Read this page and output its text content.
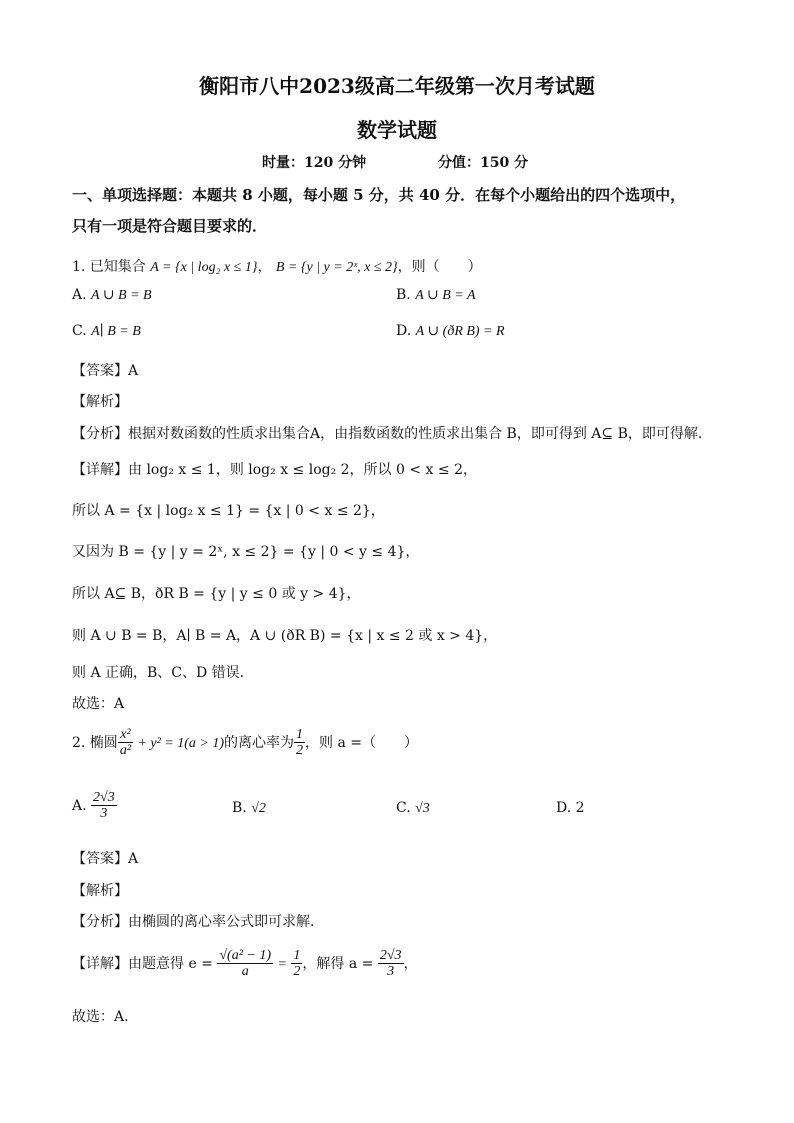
衡阳市八中2023级高二年级第一次月考试题
数学试题
时量：120 分钟	分值：150 分
一、单项选择题：本题共 8 小题，每小题 5 分，共 40 分．在每个小题给出的四个选项中，
只有一项是符合题目要求的．
1. 已知集合 A = {x | log₂ x ≤ 1}， B = {y | y = 2ˣ, x ≤ 2}，则（　　）
A. A ∪ B = B	B. A ∪ B = A
C. A∣ B = B	D. A ∪ (ðR B) = R
【答案】A
【解析】
【分析】根据对数函数的性质求出集合A，由指数函数的性质求出集合 B，即可得到 A⊆ B，即可得解.
【详解】由 log₂ x ≤ 1，则 log₂ x ≤ log₂ 2，所以 0 < x ≤ 2，
所以 A = {x | log₂ x ≤ 1} = {x | 0 < x ≤ 2}，
又因为 B = {y | y = 2ˣ, x ≤ 2} = {y | 0 < y ≤ 4}，
所以 A⊆ B，ðR B = {y | y ≤ 0 或 y > 4}，
则 A ∪ B = B，A∣ B = A，A ∪ (ðR B) = {x | x ≤ 2 或 x > 4}，
则 A 正确，B、C、D 错误.
故选：A
2. 椭圆 $\frac{\text{x²}}{\text{a²}} + y^2 = 1(a > 1)$的离心率为 $\frac{1}{2}$ ，则 a =（　　）
A. $\frac{2√3}{3}$	B. √2	C. √3	D. 2
【答案】A
【解析】
【分析】由椭圆的离心率公式即可求解.
【详解】由题意得 $e = \frac{\text{√(a² − 1)}}{a} = \frac{1}{2}$ ，解得 $a = \frac{2√3}{3}$ ，
故选：A.
